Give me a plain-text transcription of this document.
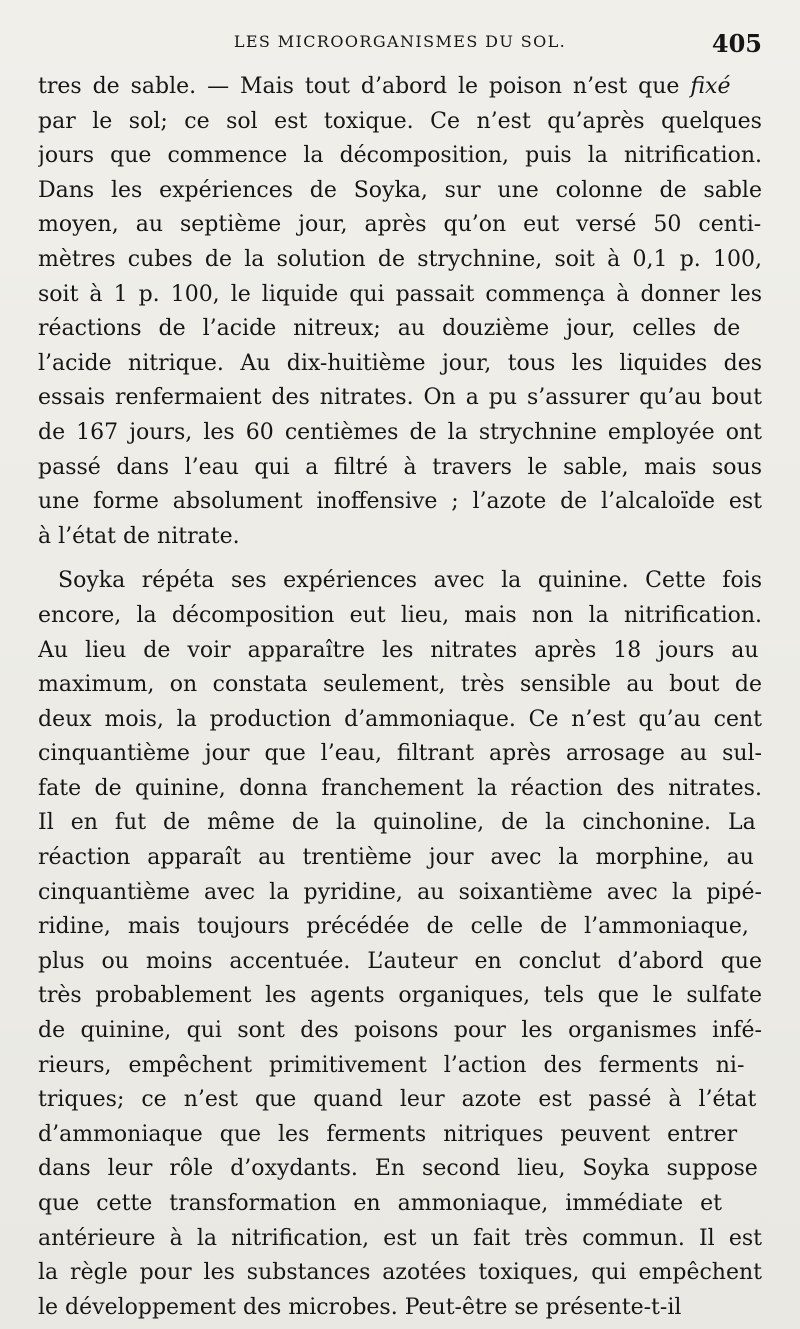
LES MICROORGANISMES DU SOL.	405
tres de sable. — Mais tout d’abord le poison n’est que fixé
par le sol; ce sol est toxique. Ce n’est qu’après quelques
jours que commence la décomposition, puis la nitrification.
Dans les expériences de Soyka, sur une colonne de sable
moyen, au septième jour, après qu’on eut versé 50 centi-
mètres cubes de la solution de strychnine, soit à 0,1 p. 100,
soit à 1 p. 100, le liquide qui passait commença à donner les
réactions de l’acide nitreux; au douzième jour, celles de
l’acide nitrique. Au dix-huitième jour, tous les liquides des
essais renfermaient des nitrates. On a pu s’assurer qu’au bout
de 167 jours, les 60 centièmes de la strychnine employée ont
passé dans l’eau qui a filtré à travers le sable, mais sous
une forme absolument inoffensive ; l’azote de l’alcaloïde est
à l’état de nitrate.
Soyka répéta ses expériences avec la quinine. Cette fois
encore, la décomposition eut lieu, mais non la nitrification.
Au lieu de voir apparaître les nitrates après 18 jours au
maximum, on constata seulement, très sensible au bout de
deux mois, la production d’ammoniaque. Ce n’est qu’au cent
cinquantième jour que l’eau, filtrant après arrosage au sul-
fate de quinine, donna franchement la réaction des nitrates.
Il en fut de même de la quinoline, de la cinchonine. La
réaction apparaît au trentième jour avec la morphine, au
cinquantième avec la pyridine, au soixantième avec la pipé-
ridine, mais toujours précédée de celle de l’ammoniaque,
plus ou moins accentuée. L’auteur en conclut d’abord que
très probablement les agents organiques, tels que le sulfate
de quinine, qui sont des poisons pour les organismes infé-
rieurs, empêchent primitivement l’action des ferments ni-
triques; ce n’est que quand leur azote est passé à l’état
d’ammoniaque que les ferments nitriques peuvent entrer
dans leur rôle d’oxydants. En second lieu, Soyka suppose
que cette transformation en ammoniaque, immédiate et
antérieure à la nitrification, est un fait très commun. Il est
la règle pour les substances azotées toxiques, qui empêchent
le développement des microbes. Peut-être se présente-t-il
